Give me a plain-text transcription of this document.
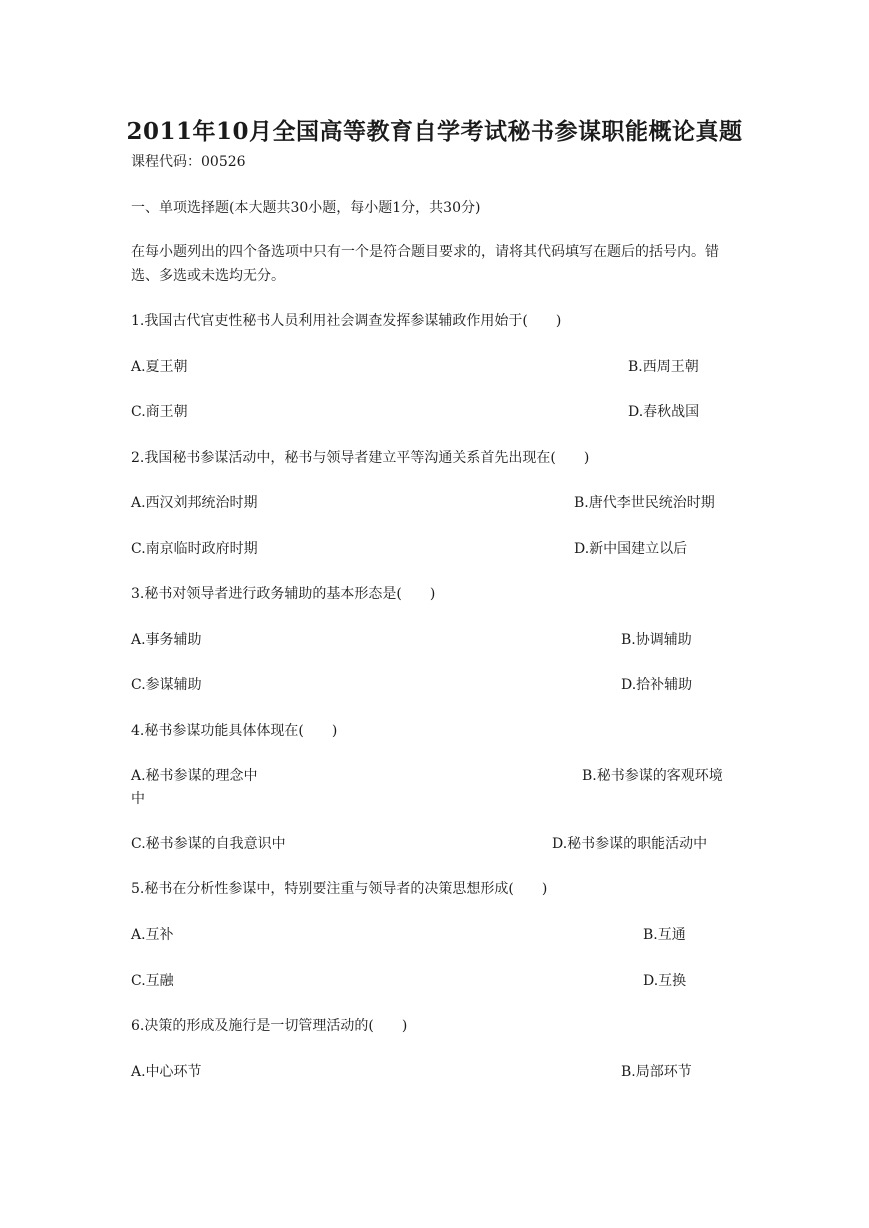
2011年10月全国高等教育自学考试秘书参谋职能概论真题
课程代码：00526
一、单项选择题(本大题共30小题，每小题1分，共30分)
在每小题列出的四个备选项中只有一个是符合题目要求的，请将其代码填写在题后的括号内。错选、多选或未选均无分。
1.我国古代官吏性秘书人员利用社会调查发挥参谋辅政作用始于(　　)
A.夏王朝	B.西周王朝
C.商王朝	D.春秋战国
2.我国秘书参谋活动中，秘书与领导者建立平等沟通关系首先出现在(　　)
A.西汉刘邦统治时期	B.唐代李世民统治时期
C.南京临时政府时期	D.新中国建立以后
3.秘书对领导者进行政务辅助的基本形态是(　　)
A.事务辅助	B.协调辅助
C.参谋辅助	D.拾补辅助
4.秘书参谋功能具体体现在(　　)
A.秘书参谋的理念中	B.秘书参谋的客观环境
中
C.秘书参谋的自我意识中	D.秘书参谋的职能活动中
5.秘书在分析性参谋中，特别要注重与领导者的决策思想形成(　　)
A.互补	B.互通
C.互融	D.互换
6.决策的形成及施行是一切管理活动的(　　)
A.中心环节	B.局部环节
